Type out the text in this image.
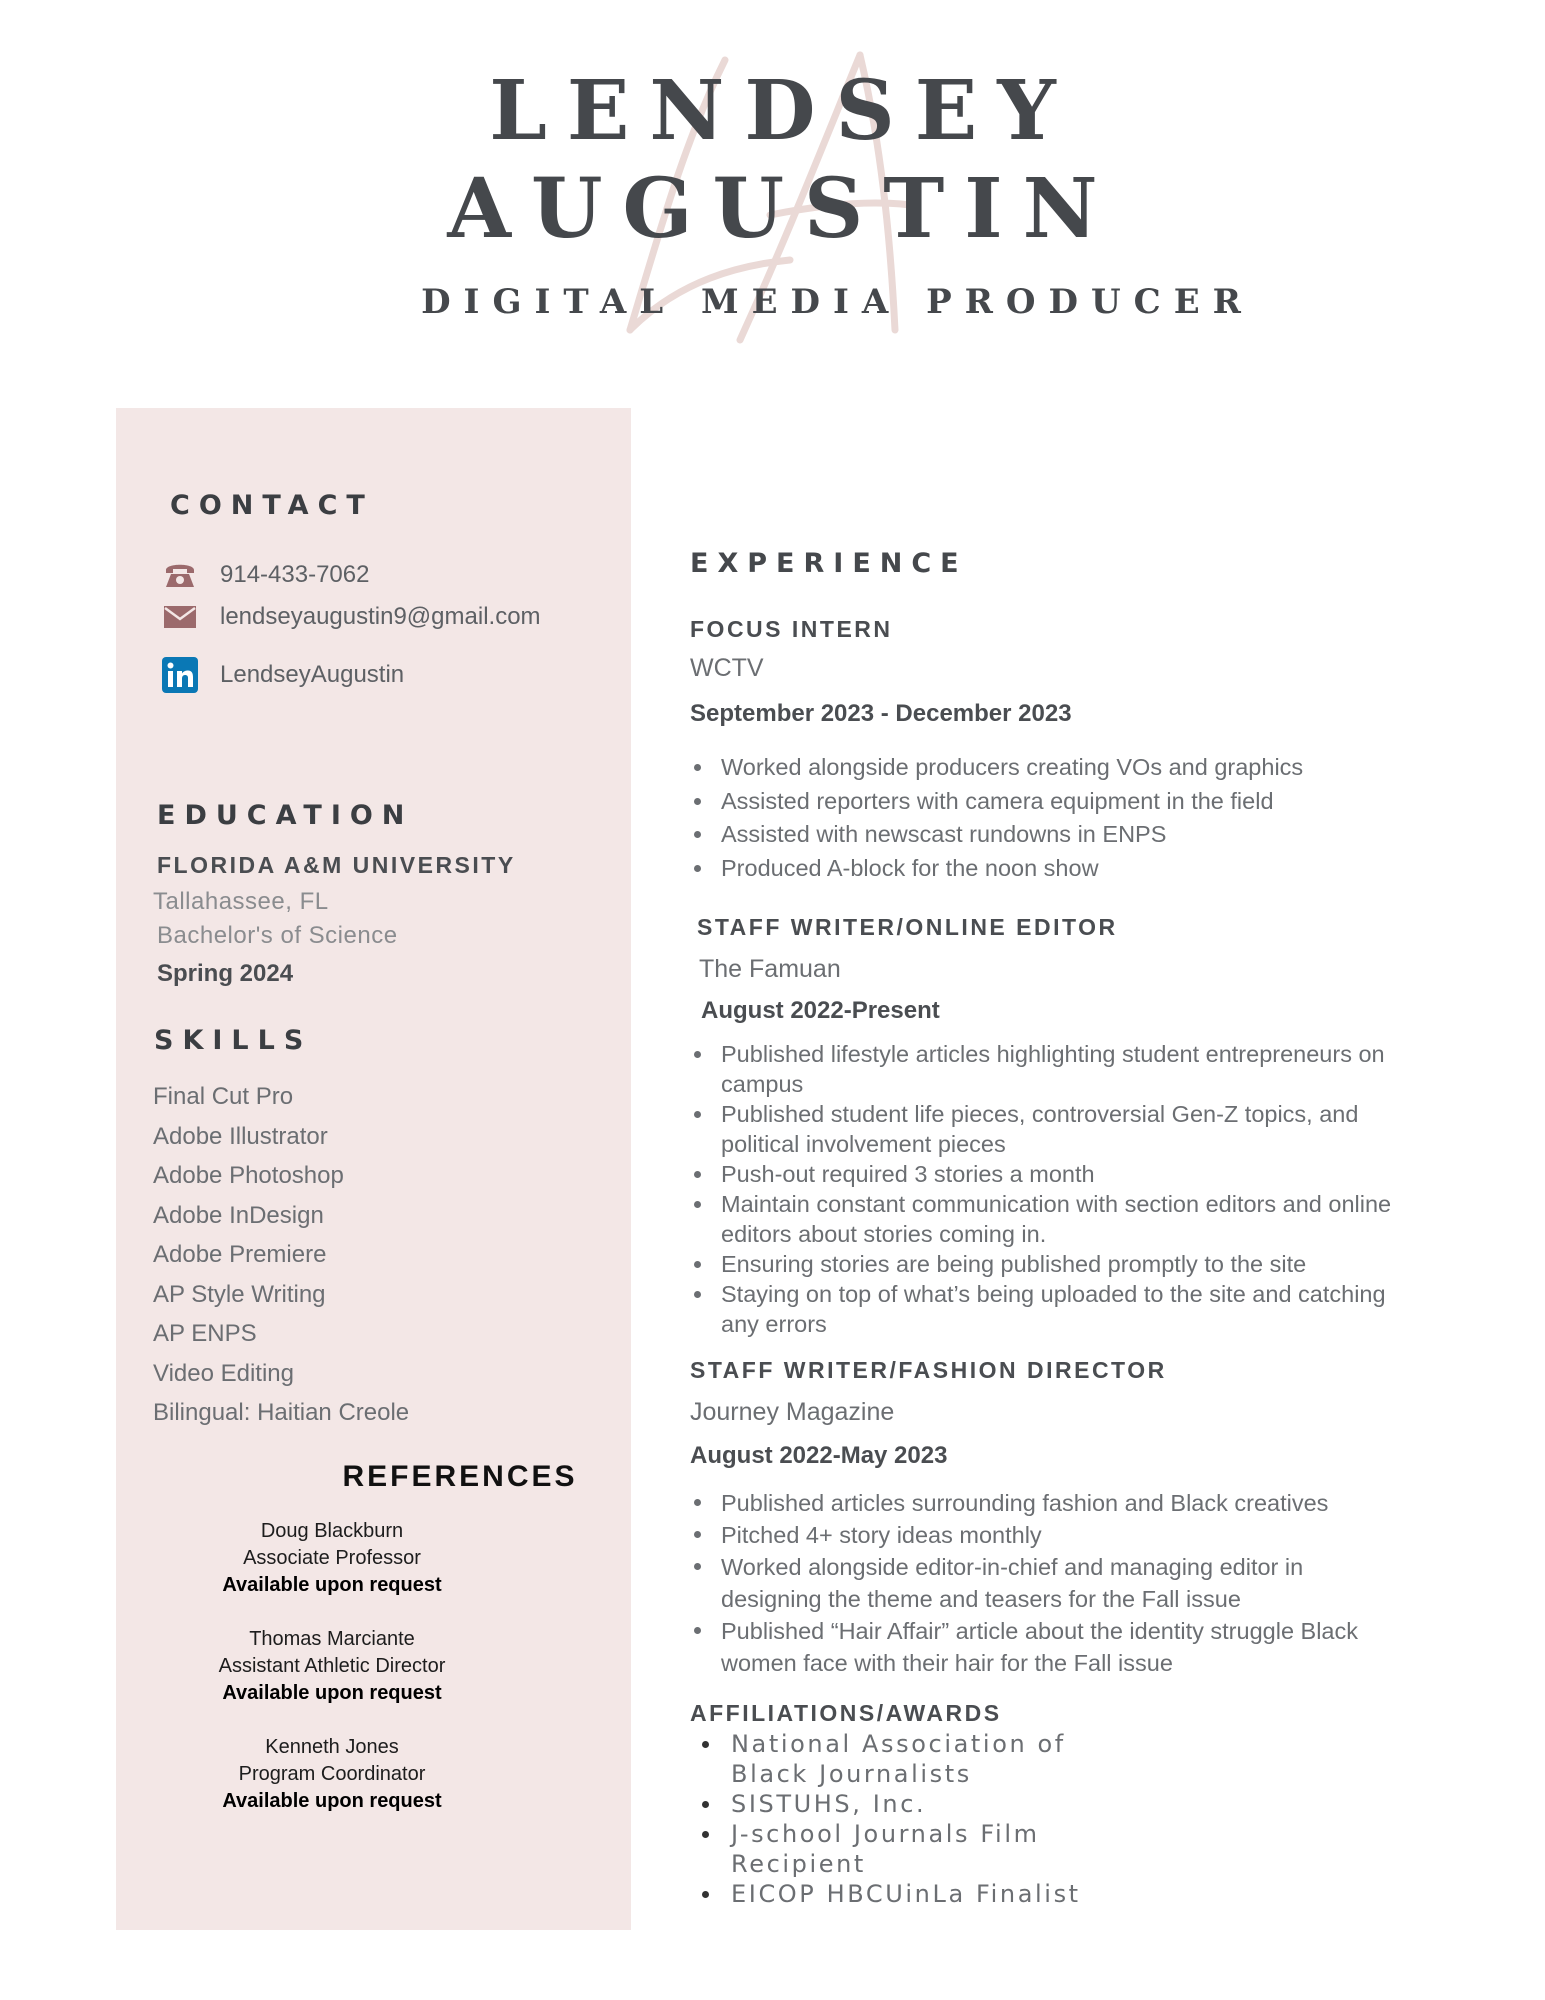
LENDSEY
AUGUSTIN
DIGITAL MEDIA PRODUCER
CONTACT
914-433-7062
lendseyaugustin9@gmail.com
LendseyAugustin
EDUCATION
FLORIDA A&M UNIVERSITY
Tallahassee, FL
Bachelor's of Science
Spring 2024
SKILLS
Final Cut Pro
Adobe Illustrator
Adobe Photoshop
Adobe InDesign
Adobe Premiere
AP Style Writing
AP ENPS
Video Editing
Bilingual: Haitian Creole
REFERENCES
Doug Blackburn
Associate Professor
Available upon request
Thomas Marciante
Assistant Athletic Director
Available upon request
Kenneth Jones
Program Coordinator
Available upon request
EXPERIENCE
FOCUS INTERN
WCTV
September 2023 - December 2023
Worked alongside producers creating VOs and graphics
Assisted reporters with camera equipment in the field
Assisted with newscast rundowns in ENPS
Produced A-block for the noon show
STAFF WRITER/ONLINE EDITOR
The Famuan
August 2022-Present
Published lifestyle articles highlighting student entrepreneurs on campus
Published student life pieces, controversial Gen-Z topics, and political involvement pieces
Push-out required 3 stories a month
Maintain constant communication with section editors and online editors about stories coming in.
Ensuring stories are being published promptly to the site
Staying on top of what’s being uploaded to the site and catching any errors
STAFF WRITER/FASHION DIRECTOR
Journey Magazine
August 2022-May 2023
Published articles surrounding fashion and Black creatives
Pitched 4+ story ideas monthly
Worked alongside editor-in-chief and managing editor in designing the theme and teasers for the Fall issue
Published “Hair Affair” article about the identity struggle Black women face with their hair for the Fall issue
AFFILIATIONS/AWARDS
National Association of Black Journalists
SISTUHS, Inc.
J-school Journals Film Recipient
EICOP HBCUinLa Finalist
